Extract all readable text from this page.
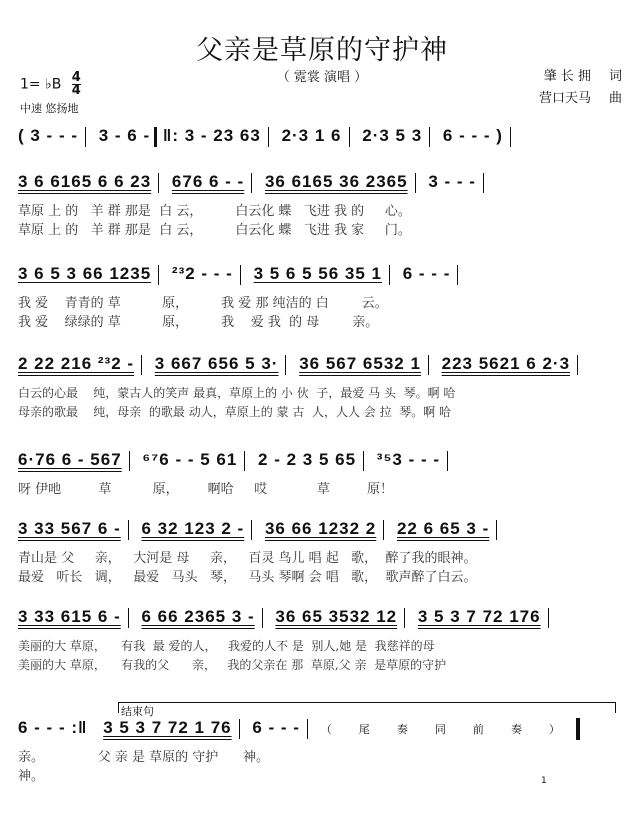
父亲是草原的守护神
（ 霓裳 演唱 ）
1= ♭B $\frac{4}{4}$
中速 悠扬地
肇 长 拥 词
营口天马 曲
( 3 - - - 3 - 6 - ‖: 3 - 23 63 2·3 1 6 2·3 5 3 6 - - - )
3 6 6165 6 6 23 676 6 - - 36 6165 36 2365 3 - - -
草原 上 的   羊 群 那是  白 云，        白云化 蝶   飞进 我 的     心。
草原 上 的   羊 群 那是  白 云，        白云化 蝶   飞进 我 家     门。
3 6 5 3 66 1235 ²³2 - - - 3 5 6 5 56 35 1 6 - - -
我 爱    青青的 草          原，        我 爱 那 纯洁的 白        云。
我 爱    绿绿的 草          原，        我    爱 我  的 母        亲。
2 22 216 ²³2 - 3 667 656 5 3· 36 567 6532 1 223 5621 6 2·3
白云的心最    纯，蒙古人的笑声 最真，草原上的 小 伙  子，最爱 马 头  琴。啊 哈
母亲的歌最    纯，母亲  的歌最 动人，草原上的 蒙 古  人，人人 会 拉  琴。啊 哈
6·76 6 - 567 ⁶⁷6 - - 5 61 2 - 2 3 5 65 ³⁵3 - - -
呀 伊吔         草          原，       啊哈     哎            草         原！
3 33 567 6 - 6 32 123 2 - 36 66 1232 2 22 6 65 3 -
青山是 父     亲，   大河是 母     亲，   百灵 鸟儿 唱 起   歌，  醉了我的眼神。
最爱   听长   调，   最爱   马头   琴，   马头 琴啊 会 唱   歌，  歌声醉了白云。
3 33 615 6 - 6 66 2365 3 - 36 65 3532 12 3 5 3 7 72 176
美丽的大 草原，    有我  最 爱的人，   我爱的人不 是  别人,她 是  我慈祥的母
美丽的大 草原，    有我的父      亲，   我的父亲在 那  草原,父 亲  是草原的守护
结束句
6 - - - :‖ 3 5 3 7 72 1 76 6 - - - （ 尾 奏 同 前 奏 ）
亲。             父 亲 是 草原的 守护      神。
神。	1
